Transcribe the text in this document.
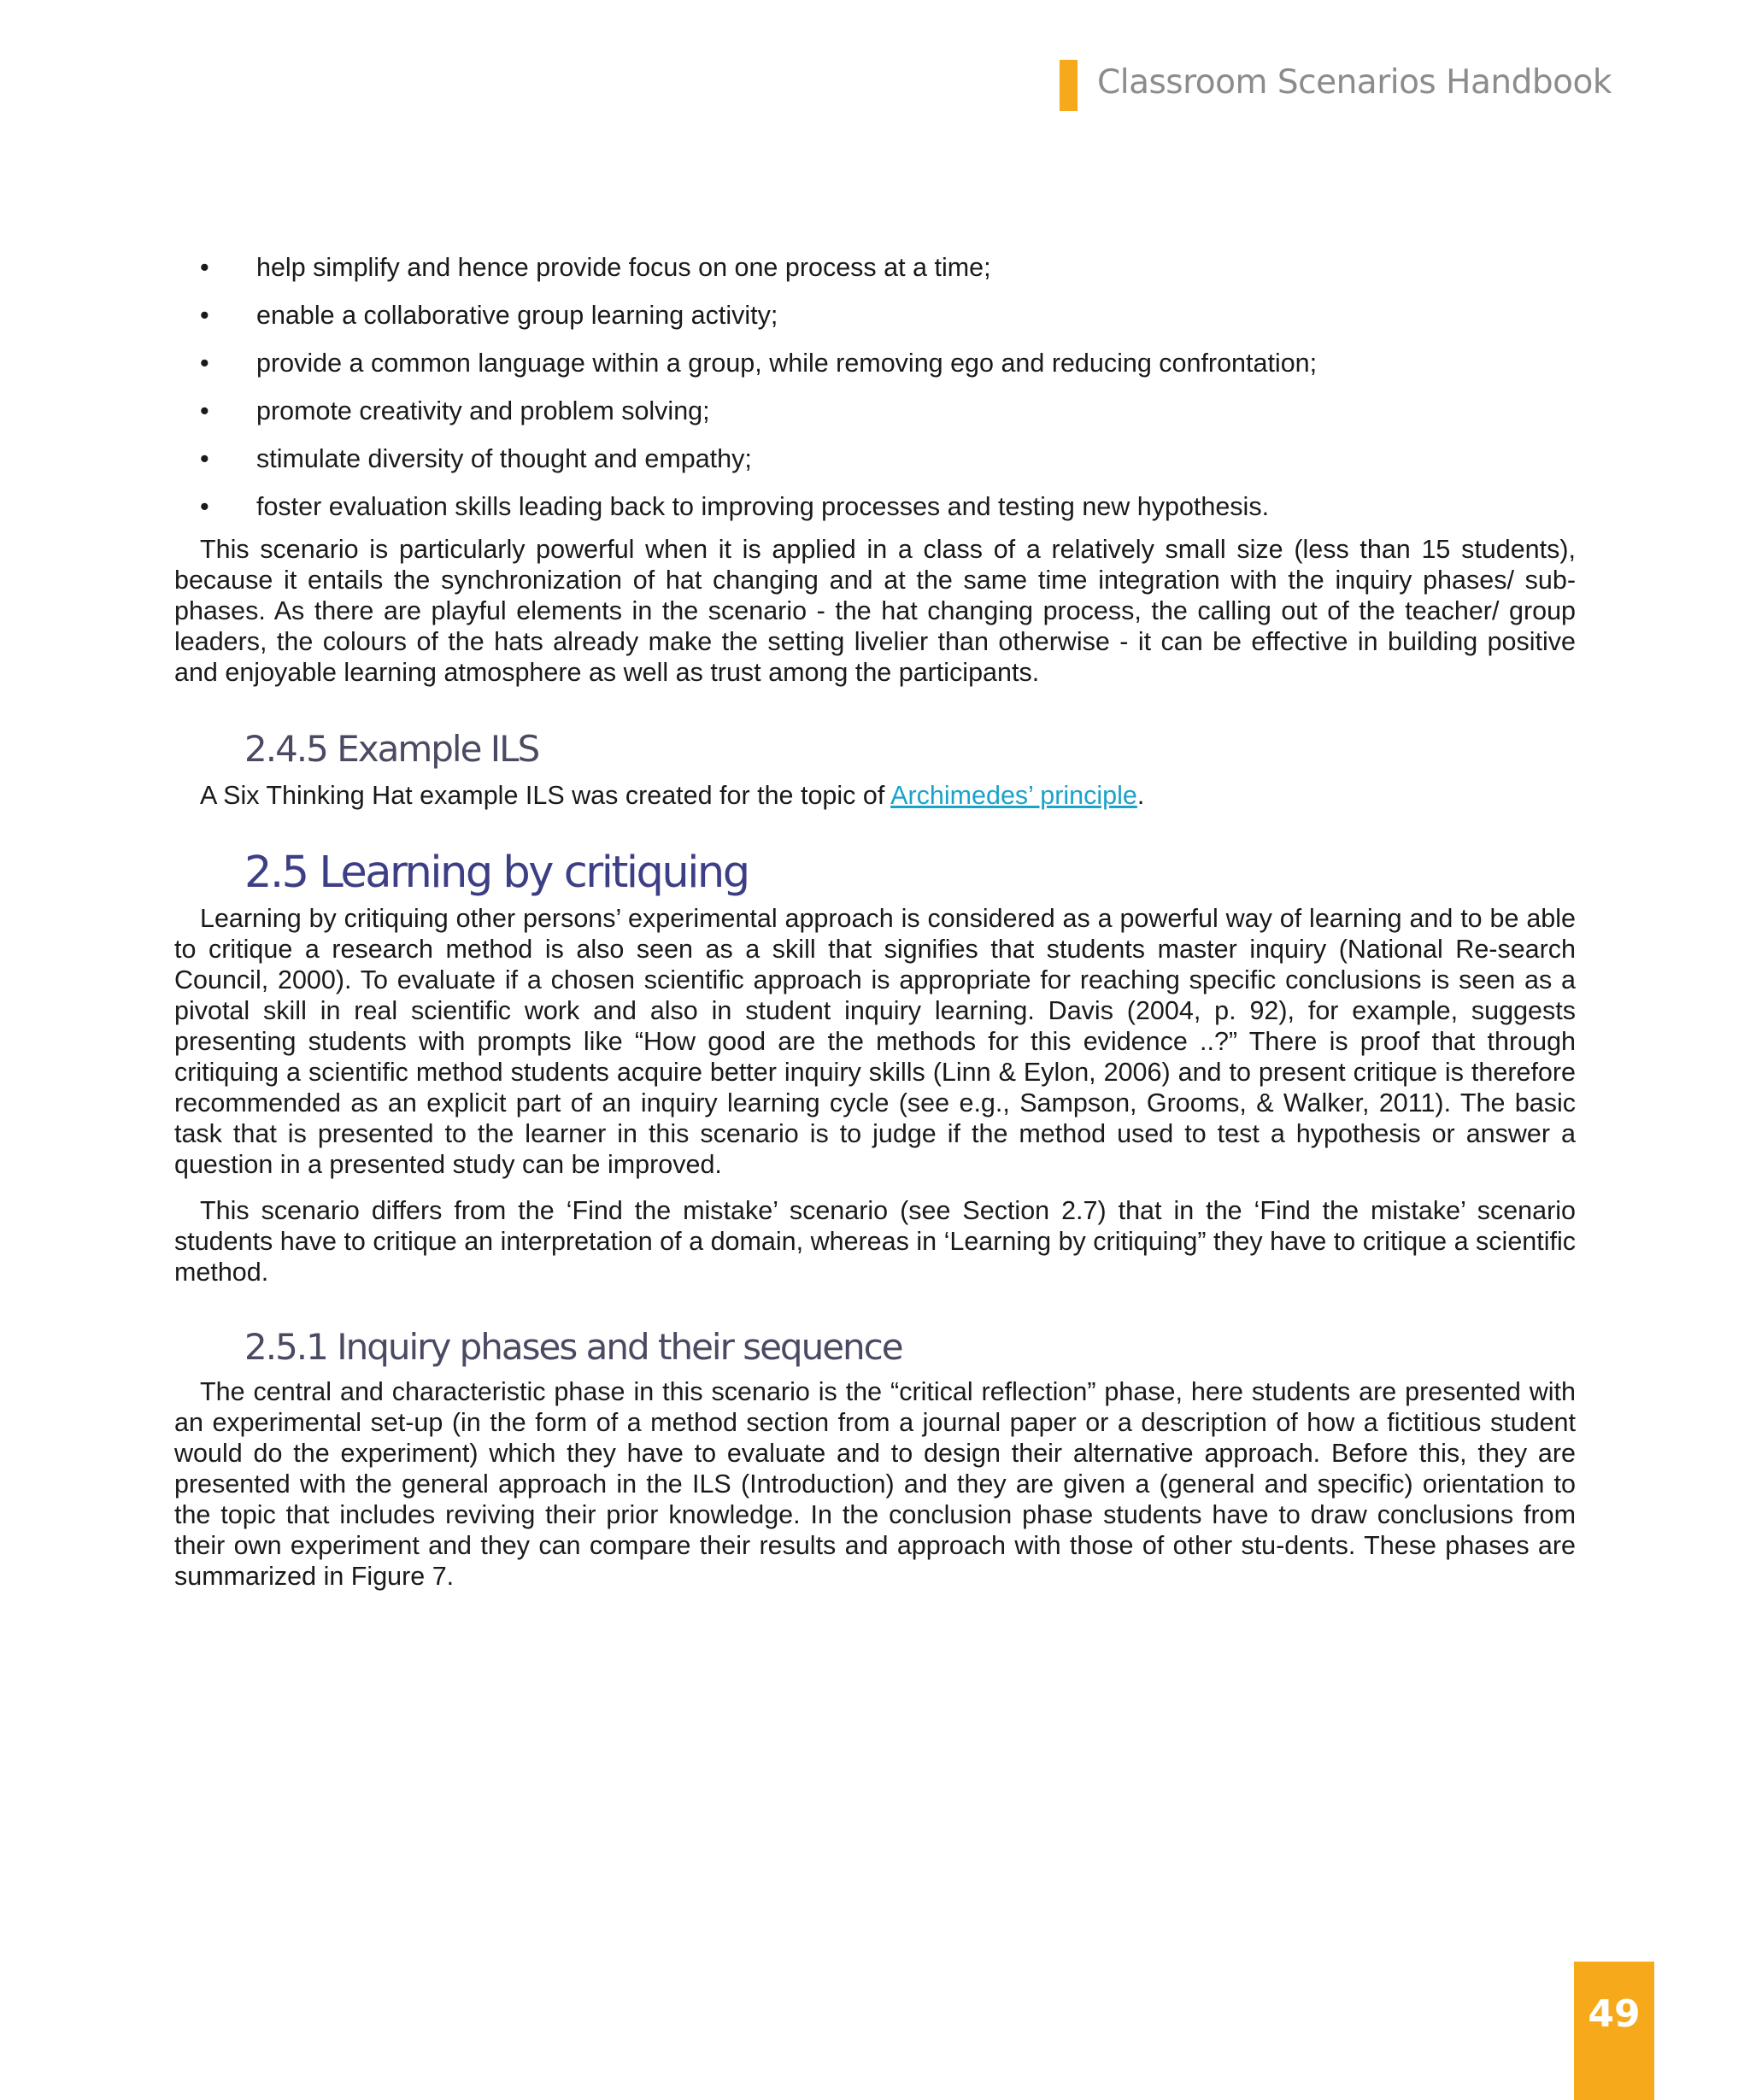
Classroom Scenarios Handbook
• help simplify and hence provide focus on one process at a time;
• enable a collaborative group learning activity;
• provide a common language within a group, while removing ego and reducing confrontation;
• promote creativity and problem solving;
• stimulate diversity of thought and empathy;
• foster evaluation skills leading back to improving processes and testing new hypothesis.

This scenario is particularly powerful when it is applied in a class of a relatively small size (less than 15 students), because it entails the synchronization of hat changing and at the same time integration with the inquiry phases/ sub-phases. As there are playful elements in the scenario - the hat changing process, the calling out of the teacher/ group leaders, the colours of the hats already make the setting livelier than otherwise - it can be effective in building positive and enjoyable learning atmosphere as well as trust among the participants.

2.4.5 Example ILS

A Six Thinking Hat example ILS was created for the topic of Archimedes’ principle.

2.5 Learning by critiquing

Learning by critiquing other persons’ experimental approach is considered as a powerful way of learning and to be able to critique a research method is also seen as a skill that signifies that students master inquiry (National Re-search Council, 2000). To evaluate if a chosen scientific approach is appropriate for reaching specific conclusions is seen as a pivotal skill in real scientific work and also in student inquiry learning. Davis (2004, p. 92), for example, suggests presenting students with prompts like “How good are the methods for this evidence ..?” There is proof that through critiquing a scientific method students acquire better inquiry skills (Linn & Eylon, 2006) and to present critique is therefore recommended as an explicit part of an inquiry learning cycle (see e.g., Sampson, Grooms, & Walker, 2011). The basic task that is presented to the learner in this scenario is to judge if the method used to test a hypothesis or answer a question in a presented study can be improved.

This scenario differs from the ‘Find the mistake’ scenario (see Section 2.7) that in the ‘Find the mistake’ scenario students have to critique an interpretation of a domain, whereas in ‘Learning by critiquing” they have to critique a scientific method.

2.5.1 Inquiry phases and their sequence

The central and characteristic phase in this scenario is the “critical reflection” phase, here students are presented with an experimental set-up (in the form of a method section from a journal paper or a description of how a fictitious student would do the experiment) which they have to evaluate and to design their alternative approach. Before this, they are presented with the general approach in the ILS (Introduction) and they are given a (general and specific) orientation to the topic that includes reviving their prior knowledge. In the conclusion phase students have to draw conclusions from their own experiment and they can compare their results and approach with those of other stu-dents. These phases are summarized in Figure 7.

49
